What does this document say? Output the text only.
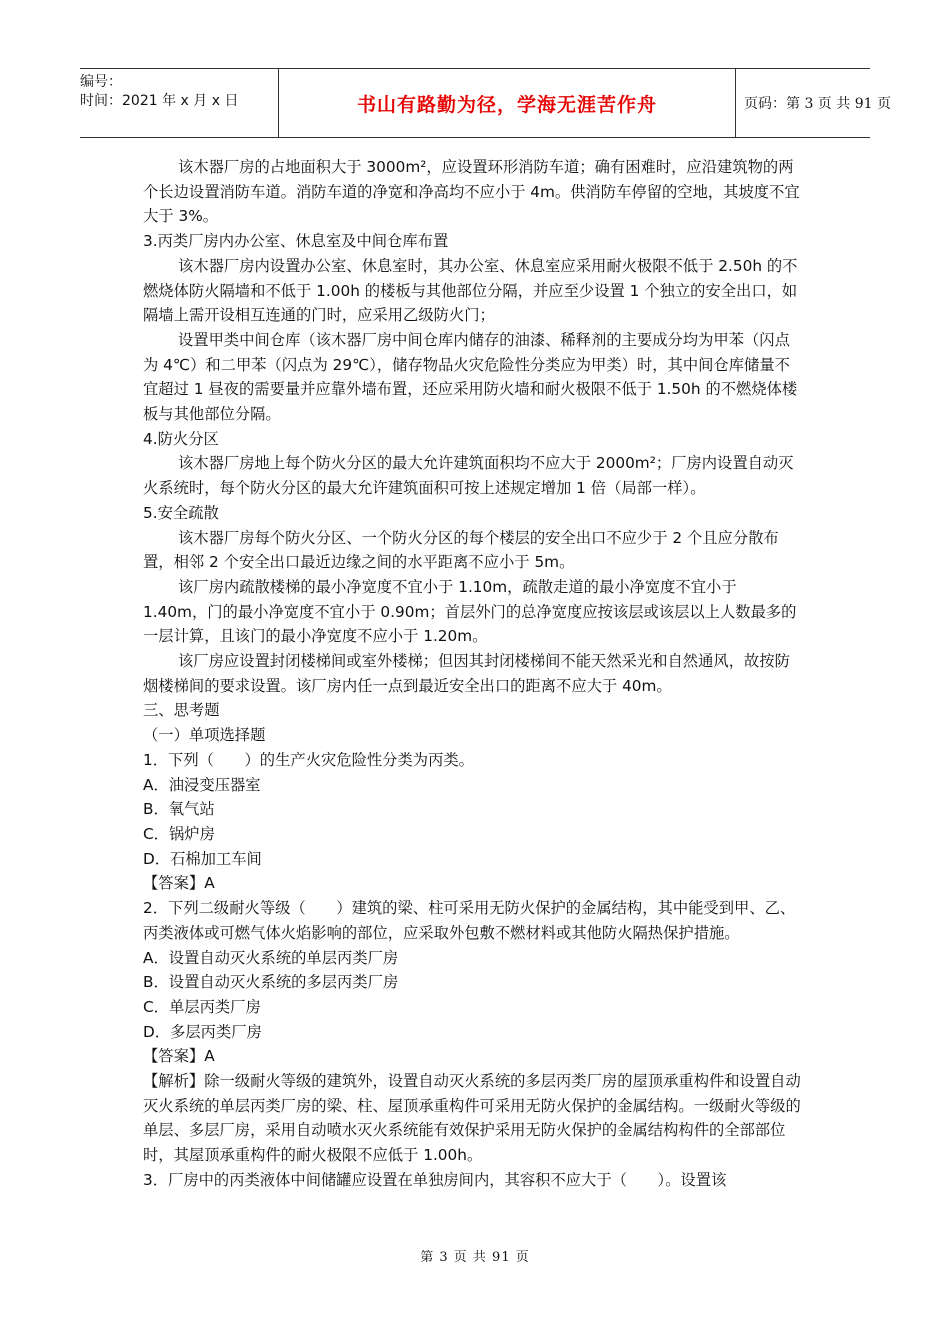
编号：
时间：2021 年 x 月 x 日	书山有路勤为径，学海无涯苦作舟	页码：第 3 页 共 91 页

该木器厂房的占地面积大于 3000m²，应设置环形消防车道；确有困难时，应沿建筑物的两个长边设置消防车道。消防车道的净宽和净高均不应小于 4m。供消防车停留的空地，其坡度不宜大于 3%。

3.丙类厂房内办公室、休息室及中间仓库布置

该木器厂房内设置办公室、休息室时，其办公室、休息室应采用耐火极限不低于 2.50h 的不燃烧体防火隔墙和不低于 1.00h 的楼板与其他部位分隔，并应至少设置 1 个独立的安全出口，如隔墙上需开设相互连通的门时，应采用乙级防火门；

设置甲类中间仓库（该木器厂房中间仓库内储存的油漆、稀释剂的主要成分均为甲苯（闪点为 4℃）和二甲苯（闪点为 29℃），储存物品火灾危险性分类应为甲类）时，其中间仓库储量不宜超过 1 昼夜的需要量并应靠外墙布置，还应采用防火墙和耐火极限不低于 1.50h 的不燃烧体楼板与其他部位分隔。

4.防火分区

该木器厂房地上每个防火分区的最大允许建筑面积均不应大于 2000m²；厂房内设置自动灭火系统时，每个防火分区的最大允许建筑面积可按上述规定增加 1 倍（局部一样）。

5.安全疏散

该木器厂房每个防火分区、一个防火分区的每个楼层的安全出口不应少于 2 个且应分散布置，相邻 2 个安全出口最近边缘之间的水平距离不应小于 5m。

该厂房内疏散楼梯的最小净宽度不宜小于 1.10m，疏散走道的最小净宽度不宜小于 1.40m，门的最小净宽度不宜小于 0.90m；首层外门的总净宽度应按该层或该层以上人数最多的一层计算，且该门的最小净宽度不应小于 1.20m。

该厂房应设置封闭楼梯间或室外楼梯；但因其封闭楼梯间不能天然采光和自然通风，故按防烟楼梯间的要求设置。该厂房内任一点到最近安全出口的距离不应大于 40m。

三、思考题

（一）单项选择题

1．下列（　　）的生产火灾危险性分类为丙类。

A．油浸变压器室

B．氧气站

C．锅炉房

D．石棉加工车间

【答案】A

2．下列二级耐火等级（　　）建筑的梁、柱可采用无防火保护的金属结构，其中能受到甲、乙、丙类液体或可燃气体火焰影响的部位，应采取外包敷不燃材料或其他防火隔热保护措施。

A．设置自动灭火系统的单层丙类厂房

B．设置自动灭火系统的多层丙类厂房

C．单层丙类厂房

D．多层丙类厂房

【答案】A

【解析】除一级耐火等级的建筑外，设置自动灭火系统的多层丙类厂房的屋顶承重构件和设置自动灭火系统的单层丙类厂房的梁、柱、屋顶承重构件可采用无防火保护的金属结构。一级耐火等级的单层、多层厂房，采用自动喷水灭火系统能有效保护采用无防火保护的金属结构构件的全部部位时，其屋顶承重构件的耐火极限不应低于 1.00h。

3．厂房中的丙类液体中间储罐应设置在单独房间内，其容积不应大于（　　）。设置该

第 3 页 共 91 页
